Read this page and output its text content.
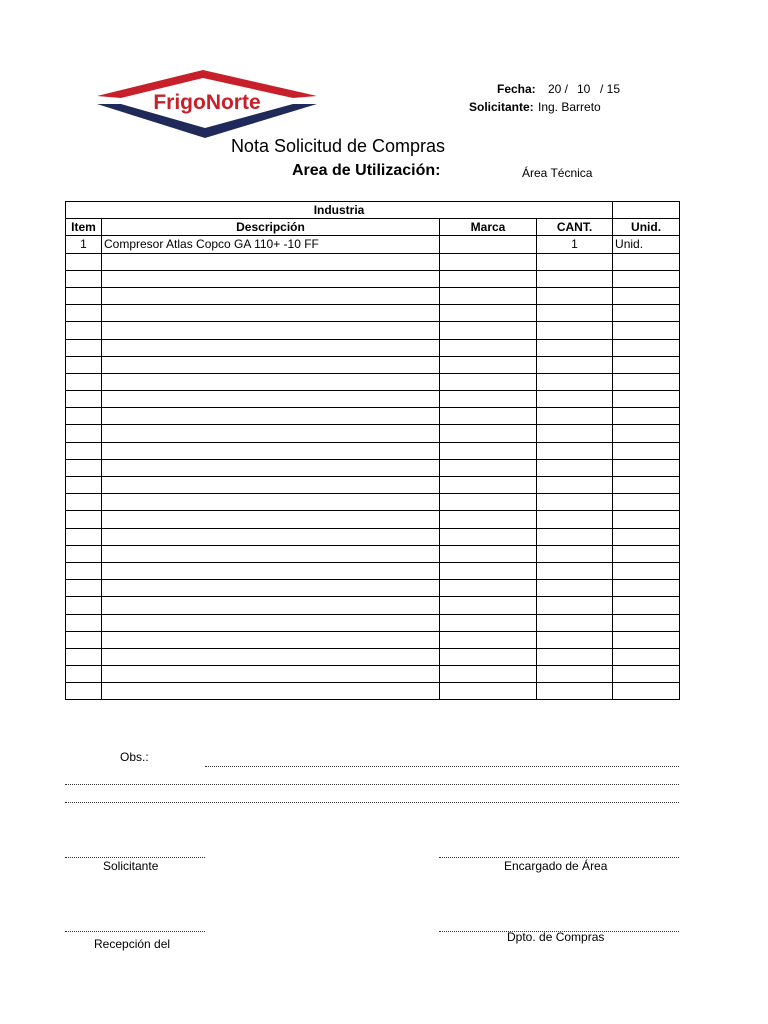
FrigoNorte
Fecha: 20 / 10 / 15
Solicitante: Ing. Barreto
Nota Solicitud de Compras
Area de Utilización:	Área Técnica
Industria				
Item	Descripción	Marca	CANT.	Unid.
1	Compresor Atlas Copco GA 110+ -10 FF		1	Unid.

Obs.:
Solicitante	Encargado de Área
Recepción del	Dpto. de Compras
